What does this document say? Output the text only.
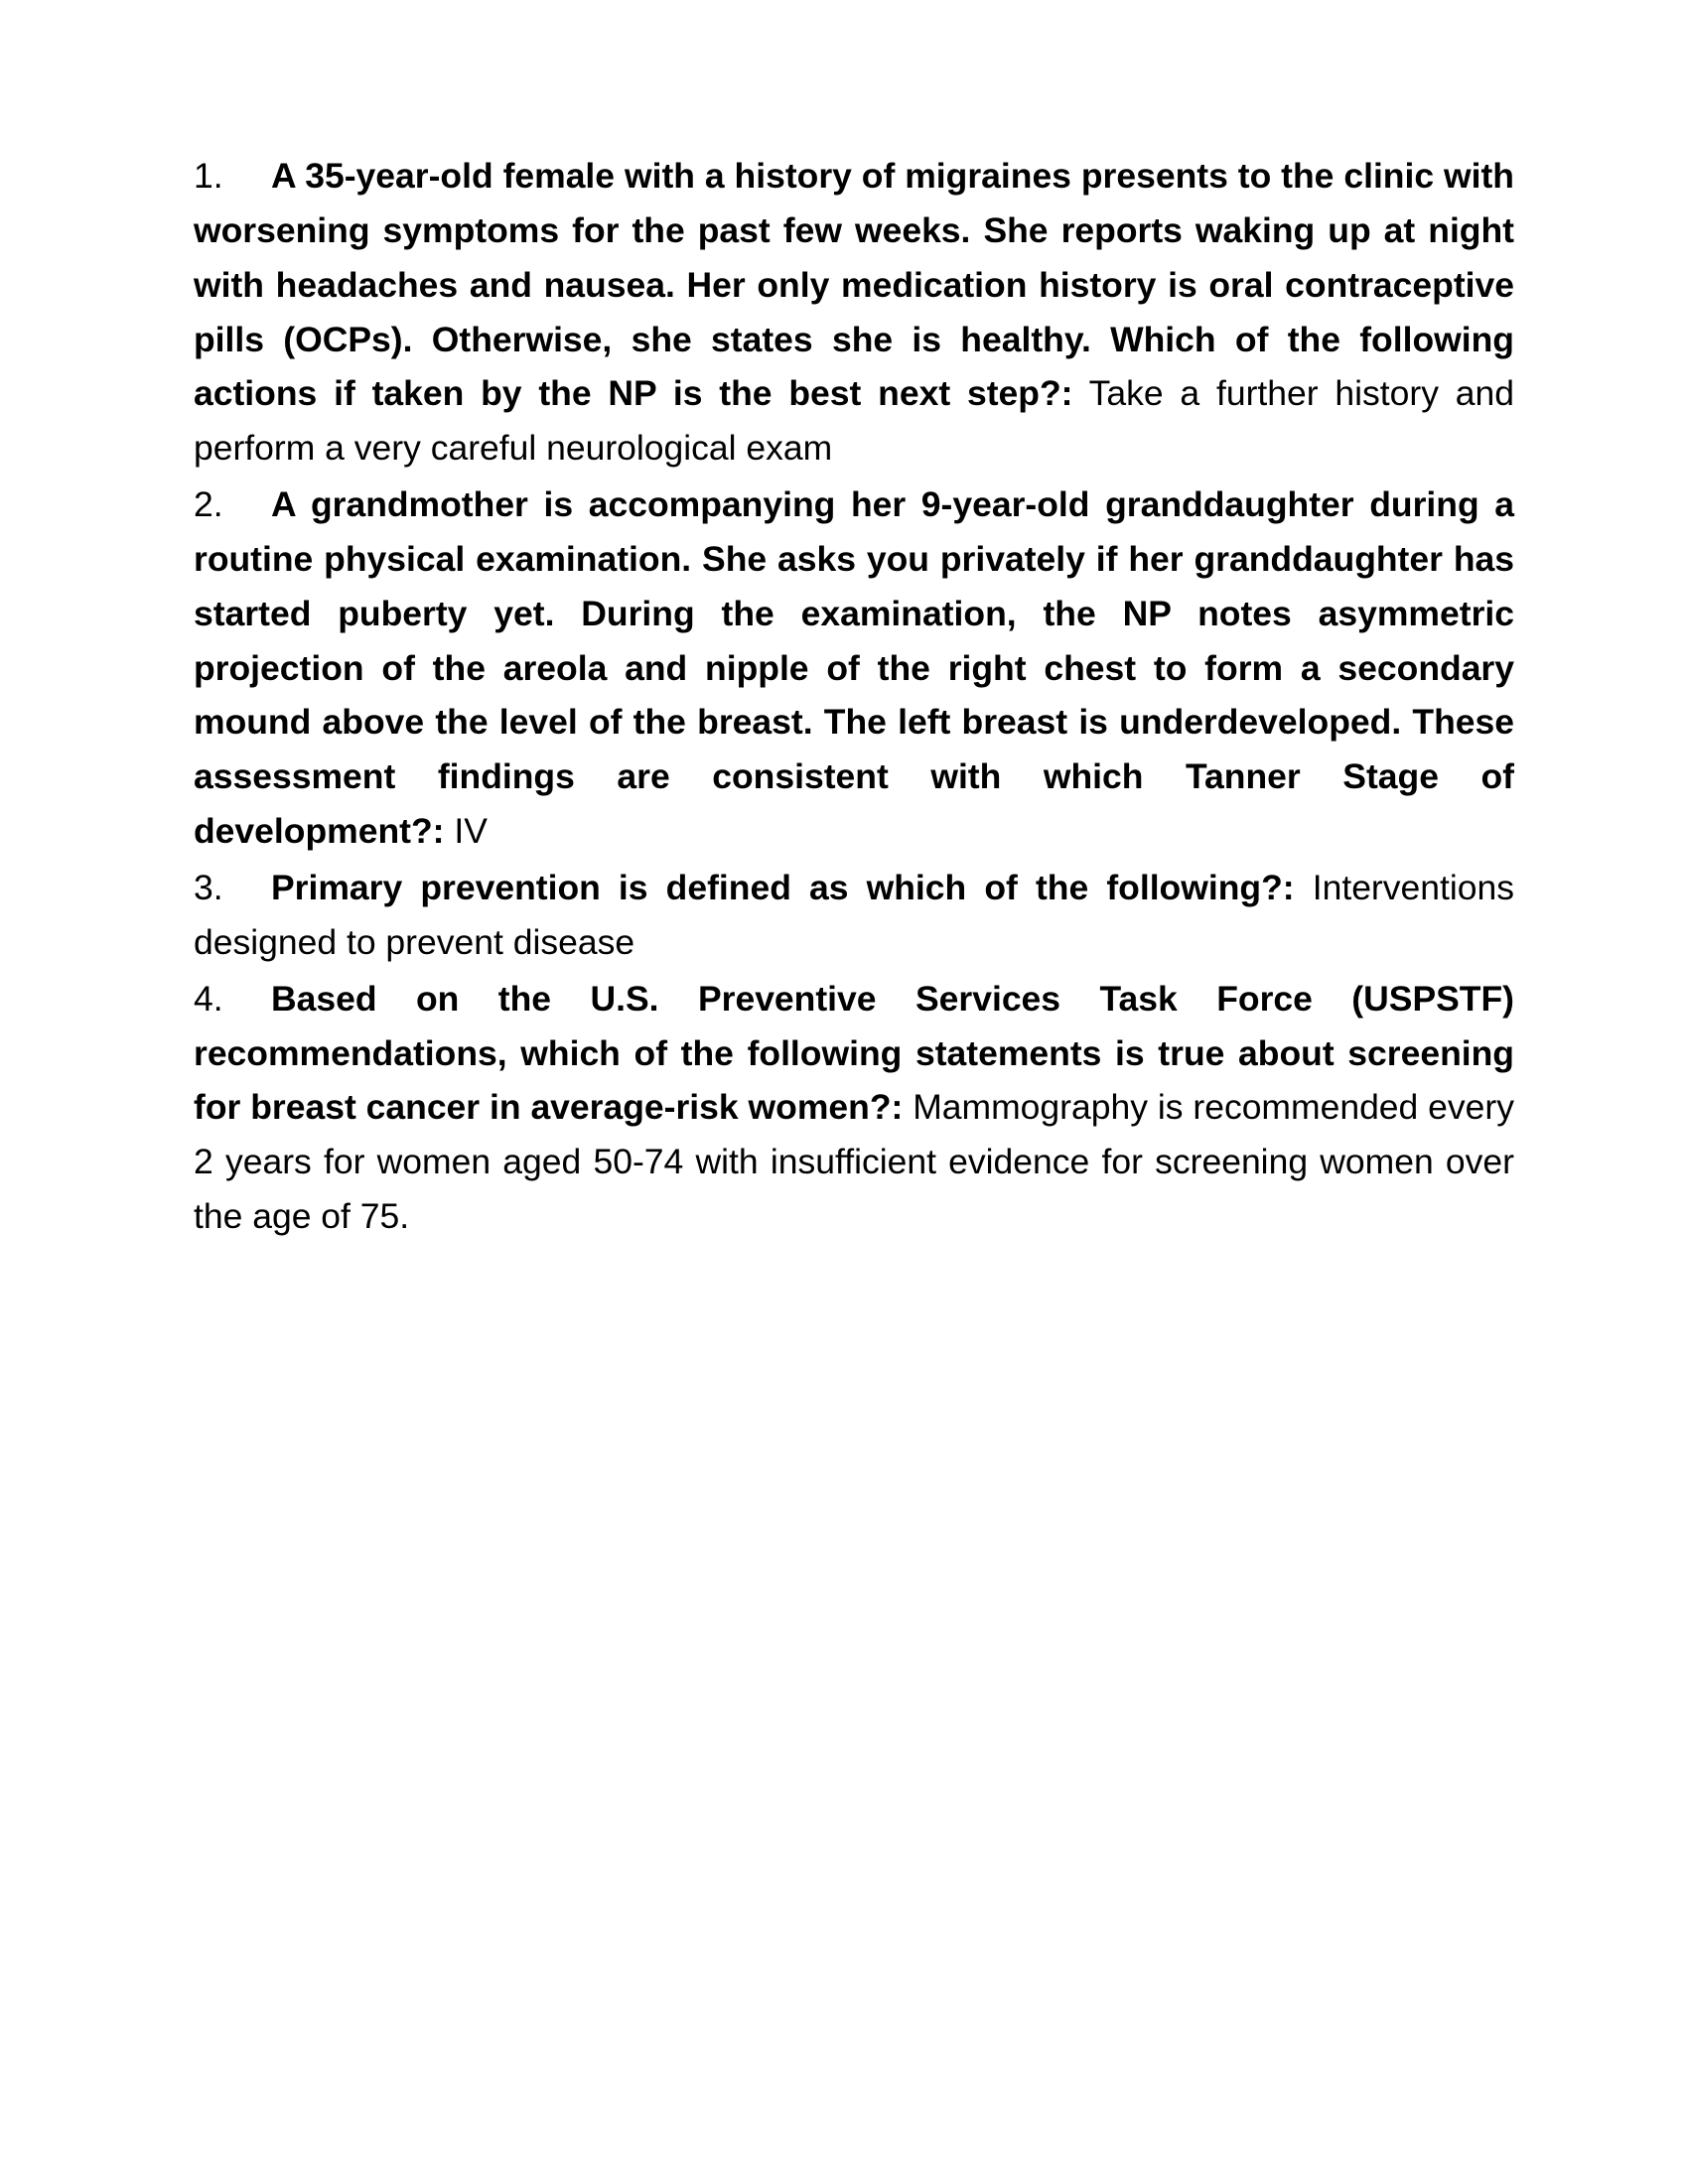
1. A 35-year-old female with a history of migraines presents to the clinic with worsening symptoms for the past few weeks. She reports waking up at night with headaches and nausea. Her only medication history is oral contraceptive pills (OCPs). Otherwise, she states she is healthy. Which of the following actions if taken by the NP is the best next step?: Take a further history and perform a very careful neurological exam
2. A grandmother is accompanying her 9-year-old granddaughter during a routine physical examination. She asks you privately if her granddaughter has started puberty yet. During the examination, the NP notes asymmetric projection of the areola and nipple of the right chest to form a secondary mound above the level of the breast. The left breast is underdeveloped. These assessment findings are consistent with which Tanner Stage of development?: IV
3. Primary prevention is defined as which of the following?: Interventions designed to prevent disease
4. Based on the U.S. Preventive Services Task Force (USPSTF) recommendations, which of the following statements is true about screening for breast cancer in average-risk women?: Mammography is recommended every 2 years for women aged 50-74 with insufficient evidence for screening women over the age of 75.
